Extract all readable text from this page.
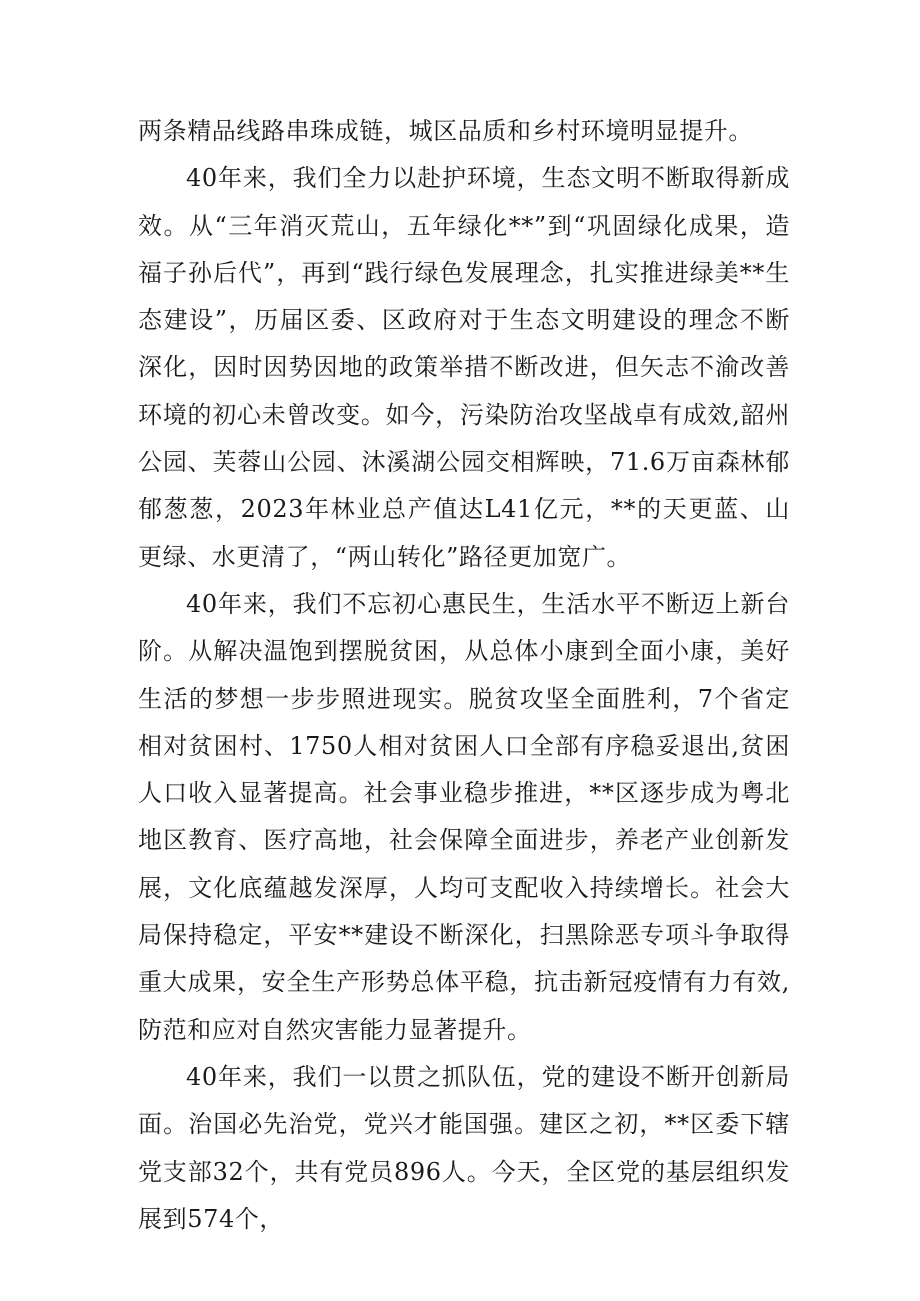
两条精品线路串珠成链，城区品质和乡村环境明显提升。

40年来，我们全力以赴护环境，生态文明不断取得新成效。从“三年消灭荒山，五年绿化**”到“巩固绿化成果，造福子孙后代”，再到“践行绿色发展理念，扎实推进绿美**生态建设”，历届区委、区政府对于生态文明建设的理念不断深化，因时因势因地的政策举措不断改进，但矢志不渝改善环境的初心未曾改变。如今，污染防治攻坚战卓有成效,韶州公园、芙蓉山公园、沐溪湖公园交相辉映，71.6万亩森林郁郁葱葱，2023年林业总产值达L41亿元，**的天更蓝、山更绿、水更清了，“两山转化”路径更加宽广。

40年来，我们不忘初心惠民生，生活水平不断迈上新台阶。从解决温饱到摆脱贫困，从总体小康到全面小康，美好生活的梦想一步步照进现实。脱贫攻坚全面胜利，7个省定相对贫困村、1750人相对贫困人口全部有序稳妥退出,贫困人口收入显著提高。社会事业稳步推进，**区逐步成为粤北地区教育、医疗高地，社会保障全面进步，养老产业创新发展，文化底蕴越发深厚，人均可支配收入持续增长。社会大局保持稳定，平安**建设不断深化，扫黑除恶专项斗争取得重大成果，安全生产形势总体平稳，抗击新冠疫情有力有效,防范和应对自然灾害能力显著提升。

40年来，我们一以贯之抓队伍，党的建设不断开创新局面。治国必先治党，党兴才能国强。建区之初，**区委下辖党支部32个，共有党员896人。今天，全区党的基层组织发展到574个，
